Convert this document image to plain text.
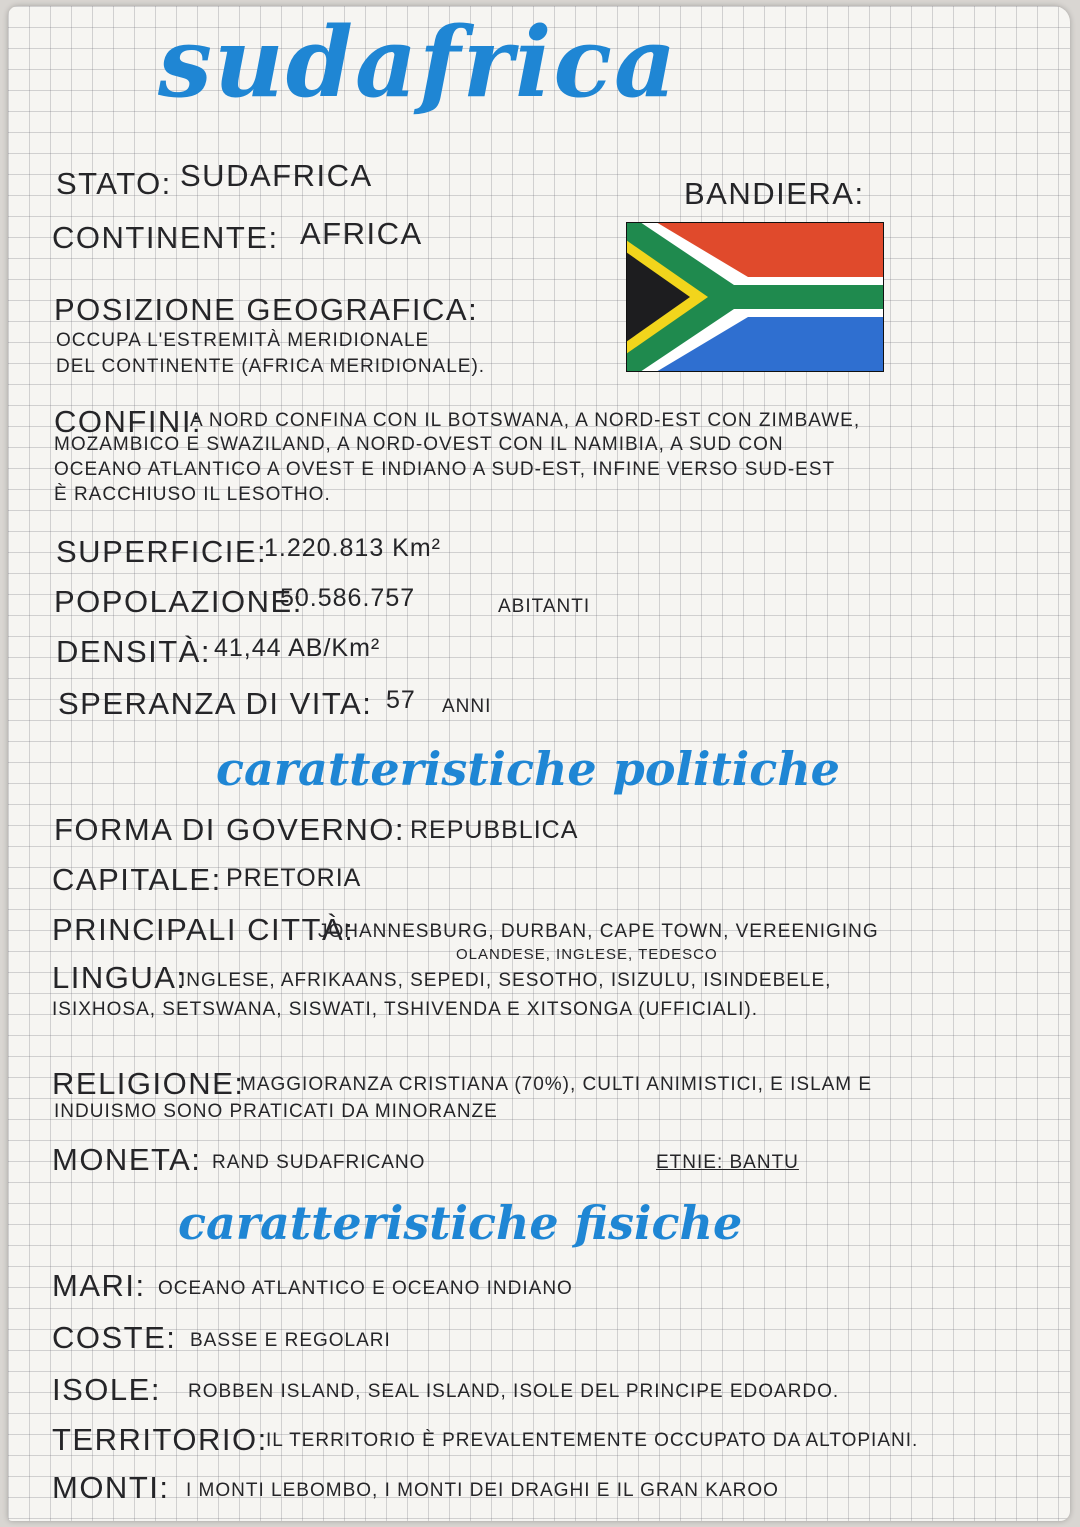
sudafrica
STATO: SUDAFRICA
CONTINENTE: AFRICA
BANDIERA:
POSIZIONE GEOGRAFICA:
OCCUPA L'ESTREMITÀ MERIDIONALE
DEL CONTINENTE (AFRICA MERIDIONALE).
CONFINI:
A NORD CONFINA CON IL BOTSWANA, A NORD-EST CON ZIMBAWE,
MOZAMBICO E SWAZILAND, A NORD-OVEST CON IL NAMIBIA, A SUD CON
OCEANO ATLANTICO A OVEST E INDIANO A SUD-EST, INFINE VERSO SUD-EST
È RACCHIUSO IL LESOTHO.
SUPERFICIE:
1.220.813 Km²
POPOLAZIONE:
50.586.757	ABITANTI
DENSITÀ: 41,44 AB/Km²
SPERANZA DI VITA: 57 ANNI
caratteristiche politiche
FORMA DI GOVERNO: REPUBBLICA
CAPITALE: PRETORIA
PRINCIPALI CITTÀ:
JOHANNESBURG, DURBAN, CAPE TOWN, VEREENIGING
OLANDESE, INGLESE, TEDESCO
LINGUA:
INGLESE, AFRIKAANS, SEPEDI, SESOTHO, ISIZULU, ISINDEBELE,
ISIXHOSA, SETSWANA, SISWATI, TSHIVENDA E XITSONGA (UFFICIALI).
RELIGIONE:
MAGGIORANZA CRISTIANA (70%), CULTI ANIMISTICI, E ISLAM E
INDUISMO SONO PRATICATI DA MINORANZE
MONETA: RAND SUDAFRICANO	ETNIE: BANTU
caratteristiche fisiche
MARI: OCEANO ATLANTICO E OCEANO INDIANO
COSTE: BASSE E REGOLARI
ISOLE: ROBBEN ISLAND, SEAL ISLAND, ISOLE DEL PRINCIPE EDOARDO.
TERRITORIO:
IL TERRITORIO È PREVALENTEMENTE OCCUPATO DA ALTOPIANI.
MONTI: I MONTI LEBOMBO, I MONTI DEI DRAGHI E IL GRAN KAROO
